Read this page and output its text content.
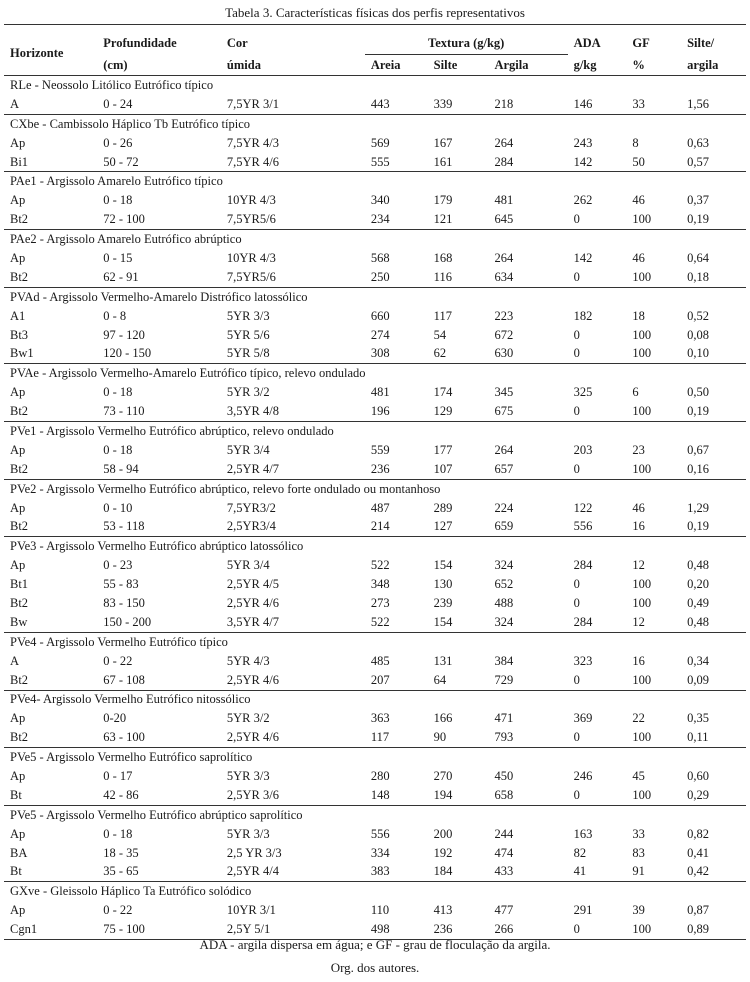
Tabela 3. Características físicas dos perfis representativos
Horizonte	Profundidade	Cor	Textura (g/kg)			ADA	GF	Silte/
	(cm)	úmida	Areia	Silte	Argila	g/kg	%	argila
RLe - Neossolo Litólico Eutrófico típico								
A	0 - 24	7,5YR 3/1	443	339	218	146	33	1,56
CXbe - Cambissolo Háplico Tb Eutrófico típico								
Ap	0 - 26	7,5YR 4/3	569	167	264	243	8	0,63
Bi1	50 - 72	7,5YR 4/6	555	161	284	142	50	0,57
PAe1 - Argissolo Amarelo Eutrófico típico								
Ap	0 - 18	10YR 4/3	340	179	481	262	46	0,37
Bt2	72 - 100	7,5YR5/6	234	121	645	0	100	0,19
PAe2 - Argissolo Amarelo Eutrófico abrúptico								
Ap	0 - 15	10YR 4/3	568	168	264	142	46	0,64
Bt2	62 - 91	7,5YR5/6	250	116	634	0	100	0,18
PVAd - Argissolo Vermelho-Amarelo Distrófico latossólico								
A1	0 - 8	5YR 3/3	660	117	223	182	18	0,52
Bt3	97 - 120	5YR 5/6	274	54	672	0	100	0,08
Bw1	120 - 150	5YR 5/8	308	62	630	0	100	0,10
PVAe - Argissolo Vermelho-Amarelo Eutrófico típico, relevo ondulado								
Ap	0 - 18	5YR 3/2	481	174	345	325	6	0,50
Bt2	73 - 110	3,5YR 4/8	196	129	675	0	100	0,19
PVe1 - Argissolo Vermelho Eutrófico abrúptico, relevo ondulado								
Ap	0 - 18	5YR 3/4	559	177	264	203	23	0,67
Bt2	58 - 94	2,5YR 4/7	236	107	657	0	100	0,16
PVe2 - Argissolo Vermelho Eutrófico abrúptico, relevo forte ondulado ou montanhoso								
Ap	0 - 10	7,5YR3/2	487	289	224	122	46	1,29
Bt2	53 - 118	2,5YR3/4	214	127	659	556	16	0,19
PVe3 - Argissolo Vermelho Eutrófico abrúptico latossólico								
Ap	0 - 23	5YR 3/4	522	154	324	284	12	0,48
Bt1	55 - 83	2,5YR 4/5	348	130	652	0	100	0,20
Bt2	83 - 150	2,5YR 4/6	273	239	488	0	100	0,49
Bw	150 - 200	3,5YR 4/7	522	154	324	284	12	0,48
PVe4 - Argissolo Vermelho Eutrófico típico								
A	0 - 22	5YR 4/3	485	131	384	323	16	0,34
Bt2	67 - 108	2,5YR 4/6	207	64	729	0	100	0,09
PVe4- Argissolo Vermelho Eutrófico nitossólico								
Ap	0-20	5YR 3/2	363	166	471	369	22	0,35
Bt2	63 - 100	2,5YR 4/6	117	90	793	0	100	0,11
PVe5 - Argissolo Vermelho Eutrófico saprolítico								
Ap	0 - 17	5YR 3/3	280	270	450	246	45	0,60
Bt	42 - 86	2,5YR 3/6	148	194	658	0	100	0,29
PVe5 - Argissolo Vermelho Eutrófico abrúptico saprolítico								
Ap	0 - 18	5YR 3/3	556	200	244	163	33	0,82
BA	18 - 35	2,5 YR 3/3	334	192	474	82	83	0,41
Bt	35 - 65	2,5YR 4/4	383	184	433	41	91	0,42
GXve - Gleissolo Háplico Ta Eutrófico solódico								
Ap	0 - 22	10YR 3/1	110	413	477	291	39	0,87
Cgn1	75 - 100	2,5Y 5/1	498	236	266	0	100	0,89
ADA - argila dispersa em água; e GF - grau de floculação da argila.
Org. dos autores.
